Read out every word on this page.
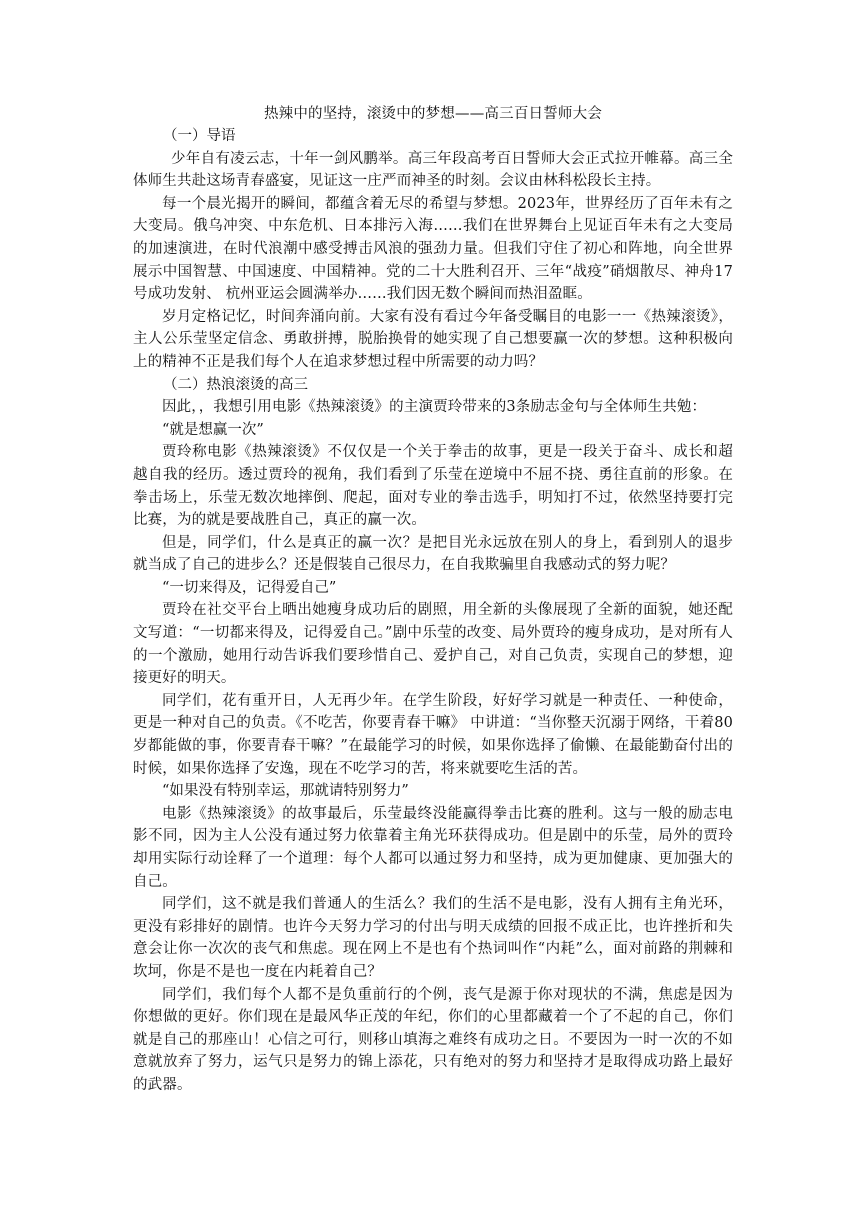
热辣中的坚持，滚烫中的梦想——高三百日誓师大会

（一）导语

少年自有凌云志，十年一剑风鹏举。高三年段高考百日誓师大会正式拉开帷幕。高三全体师生共赴这场青春盛宴，见证这一庄严而神圣的时刻。会议由林科松段长主持。

每一个晨光揭开的瞬间，都蕴含着无尽的希望与梦想。2023年，世界经历了百年未有之大变局。俄乌冲突、中东危机、日本排污入海……我们在世界舞台上见证百年未有之大变局的加速演进，在时代浪潮中感受搏击风浪的强劲力量。但我们守住了初心和阵地，向全世界展示中国智慧、中国速度、中国精神。党的二十大胜利召开、三年“战疫”硝烟散尽、神舟17号成功发射、 杭州亚运会圆满举办……我们因无数个瞬间而热泪盈眶。

岁月定格记忆，时间奔涌向前。大家有没有看过今年备受瞩目的电影一一《热辣滚烫》，主人公乐莹坚定信念、勇敢拼搏，脱胎换骨的她实现了自己想要赢一次的梦想。这种积极向上的精神不正是我们每个人在追求梦想过程中所需要的动力吗？

（二）热浪滚烫的高三

因此，，我想引用电影《热辣滚烫》的主演贾玲带来的3条励志金句与全体师生共勉：

“就是想赢一次”

贾玲称电影《热辣滚烫》不仅仅是一个关于拳击的故事，更是一段关于奋斗、成长和超越自我的经历。透过贾玲的视角，我们看到了乐莹在逆境中不屈不挠、勇往直前的形象。在拳击场上，乐莹无数次地摔倒、爬起，面对专业的拳击选手，明知打不过，依然坚持要打完比赛，为的就是要战胜自己，真正的赢一次。

但是，同学们，什么是真正的赢一次？是把目光永远放在别人的身上，看到别人的退步就当成了自己的进步么？还是假装自己很尽力，在自我欺骗里自我感动式的努力呢？

“一切来得及，记得爱自己”

贾玲在社交平台上晒出她瘦身成功后的剧照，用全新的头像展现了全新的面貌，她还配文写道：“一切都来得及，记得爱自己。”剧中乐莹的改变、局外贾玲的瘦身成功，是对所有人的一个激励，她用行动告诉我们要珍惜自己、爱护自己，对自己负责，实现自己的梦想，迎接更好的明天。

同学们，花有重开日，人无再少年。在学生阶段，好好学习就是一种责任、一种使命，更是一种对自己的负责。《不吃苦，你要青春干嘛》 中讲道：“当你整天沉溺于网络，干着80岁都能做的事，你要青春干嘛？”在最能学习的时候，如果你选择了偷懒、在最能勤奋付出的时候，如果你选择了安逸，现在不吃学习的苦，将来就要吃生活的苦。

“如果没有特别幸运，那就请特别努力”

电影《热辣滚烫》的故事最后，乐莹最终没能赢得拳击比赛的胜利。这与一般的励志电影不同，因为主人公没有通过努力依靠着主角光环获得成功。但是剧中的乐莹，局外的贾玲却用实际行动诠释了一个道理：每个人都可以通过努力和坚持，成为更加健康、更加强大的自己。

同学们，这不就是我们普通人的生活么？我们的生活不是电影，没有人拥有主角光环，更没有彩排好的剧情。也许今天努力学习的付出与明天成绩的回报不成正比，也许挫折和失意会让你一次次的丧气和焦虑。现在网上不是也有个热词叫作“内耗”么，面对前路的荆棘和坎坷，你是不是也一度在内耗着自己？

同学们，我们每个人都不是负重前行的个例，丧气是源于你对现状的不满，焦虑是因为你想做的更好。你们现在是最风华正茂的年纪，你们的心里都藏着一个了不起的自己，你们就是自己的那座山！心信之可行，则移山填海之难终有成功之日。不要因为一时一次的不如意就放弃了努力，运气只是努力的锦上添花，只有绝对的努力和坚持才是取得成功路上最好的武器。
